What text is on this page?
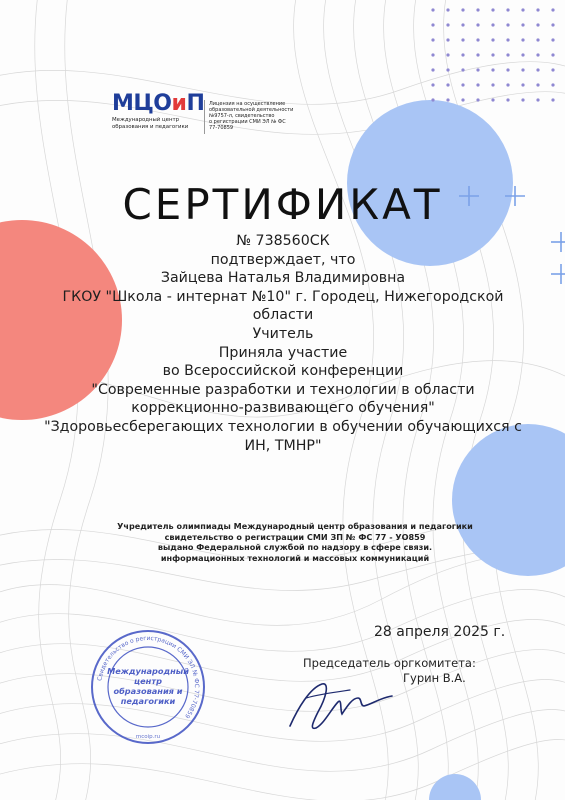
МЦОиП
Международный центр
образования и педагогики
Лицензия на осуществление
образовательной деятельности
№9757-л, свидетельство
о регистрации СМИ ЭЛ № ФС
77-70859
СЕРТИФИКАТ
№ 738560СК
подтверждает, что
Зайцева Наталья Владимировна
ГКОУ "Школа - интернат №10" г. Городец, Нижегородской
области
Учитель
Приняла участие
во Всероссийской конференции
"Современные разработки и технологии в области
коррекционно-развивающего обучения"
"Здоровьесберегающих технологии в обучении обучающихся с
ИН, ТМНР"
Учредитель олимпиады Международный центр образования и педагогики
свидетельство о регистрации СМИ ЗП № ФС 77 - УО859
выдано Федеральной службой по надзору в сфере связи.
информационных технологий и массовых коммуникаций
28 апреля 2025 г.
Председатель оргкомитета:
Гурин В.А.
Свидетельство о регистрации СМИ ЭЛ № ФС 77-70859
Международный
центр
образования и
педагогики
mcoip.ru
